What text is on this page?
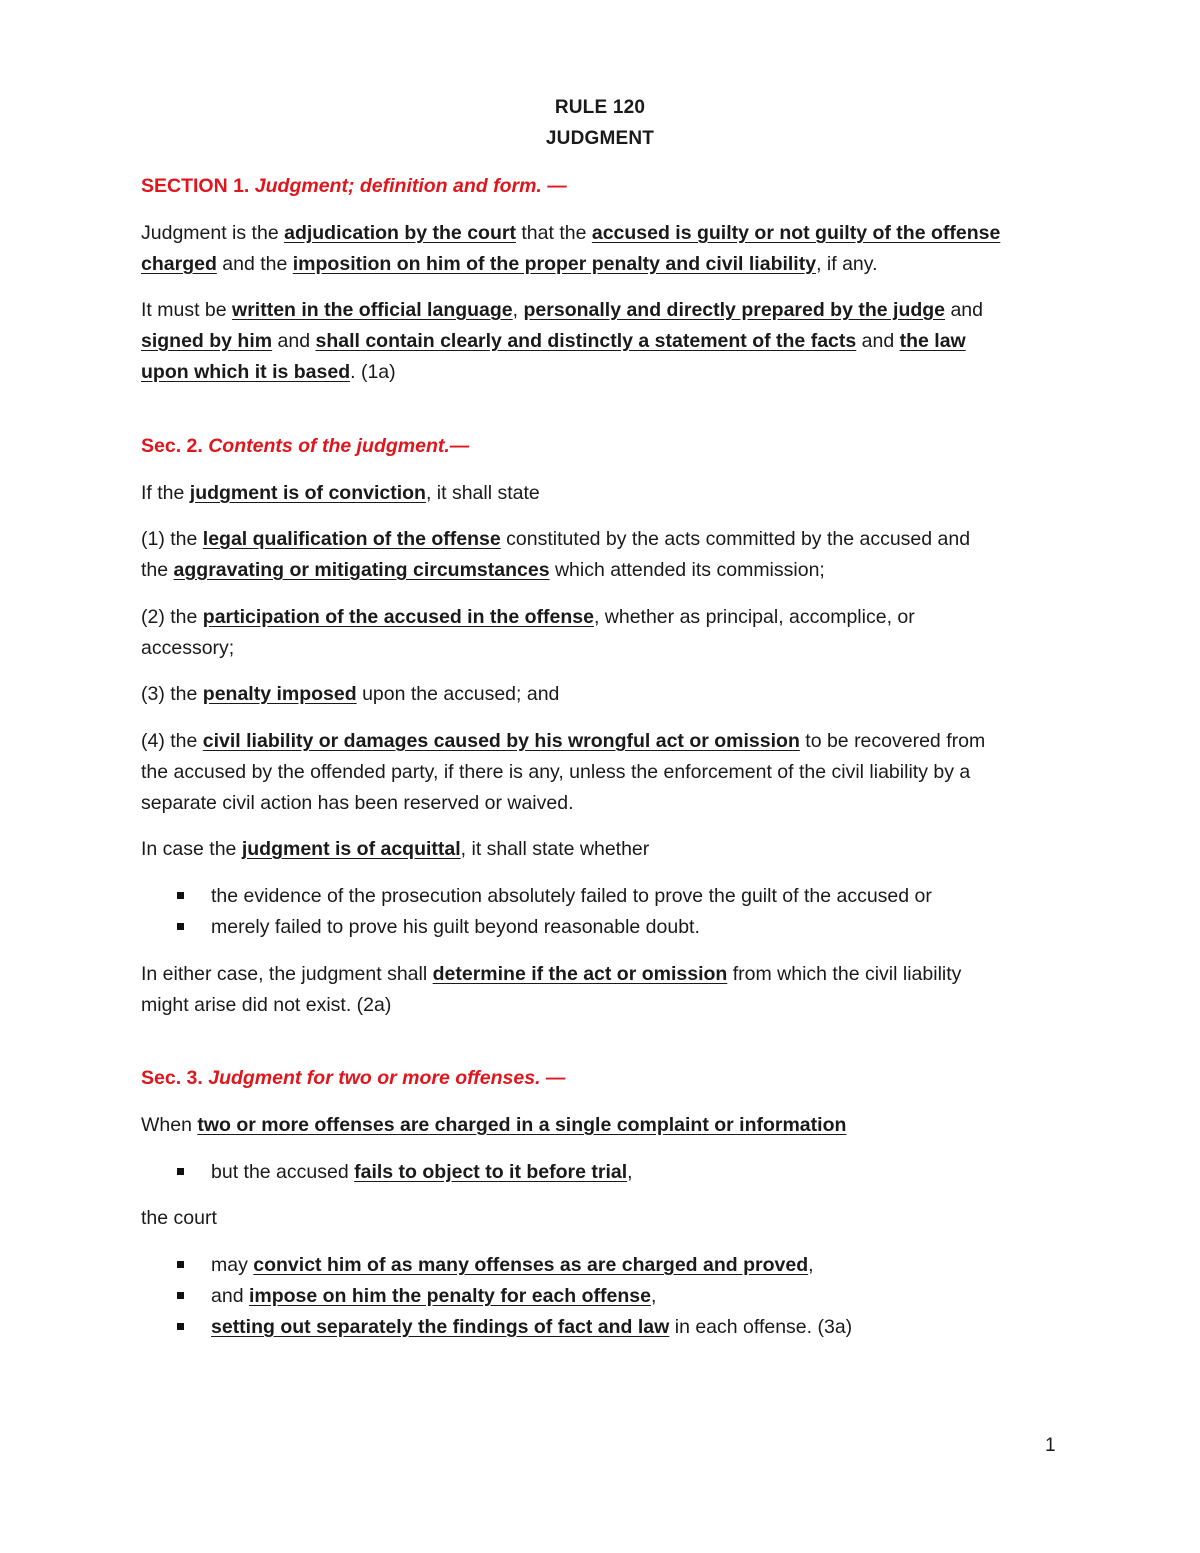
RULE 120
JUDGMENT
SECTION 1. Judgment; definition and form. —
Judgment is the adjudication by the court that the accused is guilty or not guilty of the offense
charged and the imposition on him of the proper penalty and civil liability, if any.
It must be written in the official language, personally and directly prepared by the judge and
signed by him and shall contain clearly and distinctly a statement of the facts and the law
upon which it is based. (1a)
Sec. 2. Contents of the judgment.—
If the judgment is of conviction, it shall state
(1) the legal qualification of the offense constituted by the acts committed by the accused and
the aggravating or mitigating circumstances which attended its commission;
(2) the participation of the accused in the offense, whether as principal, accomplice, or
accessory;
(3) the penalty imposed upon the accused; and
(4) the civil liability or damages caused by his wrongful act or omission to be recovered from
the accused by the offended party, if there is any, unless the enforcement of the civil liability by a
separate civil action has been reserved or waived.
In case the judgment is of acquittal, it shall state whether
the evidence of the prosecution absolutely failed to prove the guilt of the accused or
merely failed to prove his guilt beyond reasonable doubt.
In either case, the judgment shall determine if the act or omission from which the civil liability
might arise did not exist. (2a)
Sec. 3. Judgment for two or more offenses. —
When two or more offenses are charged in a single complaint or information
but the accused fails to object to it before trial,
the court
may convict him of as many offenses as are charged and proved,
and impose on him the penalty for each offense,
setting out separately the findings of fact and law in each offense. (3a)
1
